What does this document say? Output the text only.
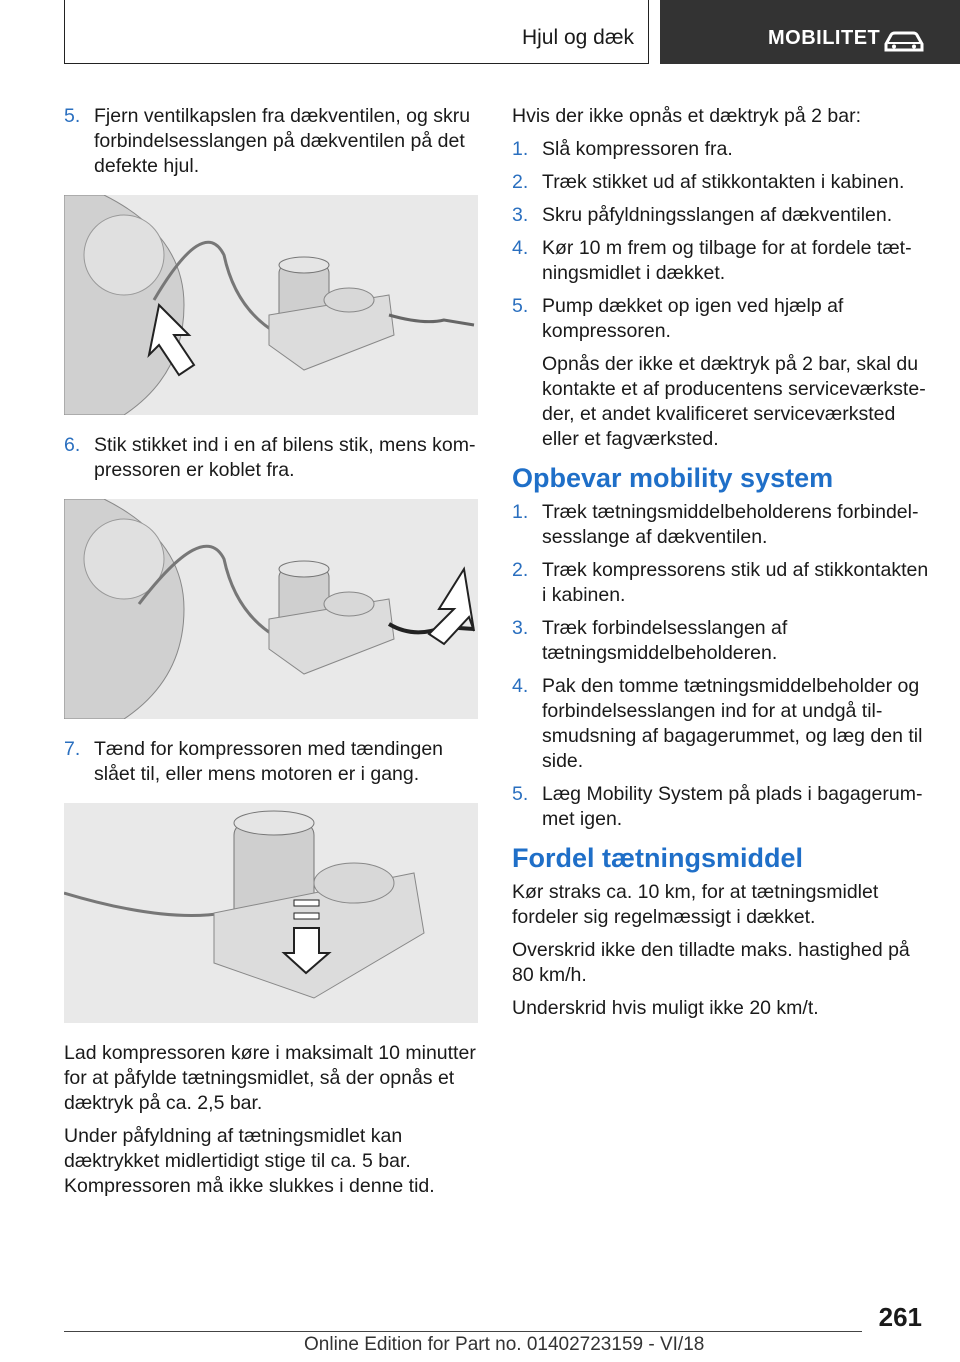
Hjul og dæk	MOBILITET
5. Fjern ventilkapslen fra dækventilen, og skru forbindelsesslangen på dækventilen på det defekte hjul.
6. Stik stikket ind i en af bilens stik, mens kompressoren er koblet fra.
7. Tænd for kompressoren med tændingen slået til, eller mens motoren er i gang.
Lad kompressoren køre i maksimalt 10 minutter for at påfylde tætningsmidlet, så der opnås et dæktryk på ca. 2,5 bar.
Under påfyldning af tætningsmidlet kan dæktrykket midlertidigt stige til ca. 5 bar. Kompressoren må ikke slukkes i denne tid.
Hvis der ikke opnås et dæktryk på 2 bar:
1. Slå kompressoren fra.
2. Træk stikket ud af stikkontakten i kabinen.
3. Skru påfyldningsslangen af dækventilen.
4. Kør 10 m frem og tilbage for at fordele tætningsmidlet i dækket.
5. Pump dækket op igen ved hjælp af kompressoren.
Opnås der ikke et dæktryk på 2 bar, skal du kontakte et af producentens serviceværksteder, et andet kvalificeret serviceværksted eller et fagværksted.
Opbevar mobility system
1. Træk tætningsmiddelbeholderens forbindelsesslange af dækventilen.
2. Træk kompressorens stik ud af stikkontakten i kabinen.
3. Træk forbindelsesslangen af tætningsmiddelbeholderen.
4. Pak den tomme tætningsmiddelbeholder og forbindelsesslangen ind for at undgå tilsmudsning af bagagerummet, og læg den til side.
5. Læg Mobility System på plads i bagagerummet igen.
Fordel tætningsmiddel
Kør straks ca. 10 km, for at tætningsmidlet fordeler sig regelmæssigt i dækket.
Overskrid ikke den tilladte maks. hastighed på 80 km/h.
Underskrid hvis muligt ikke 20 km/t.
261
Online Edition for Part no. 01402723159 - VI/18
